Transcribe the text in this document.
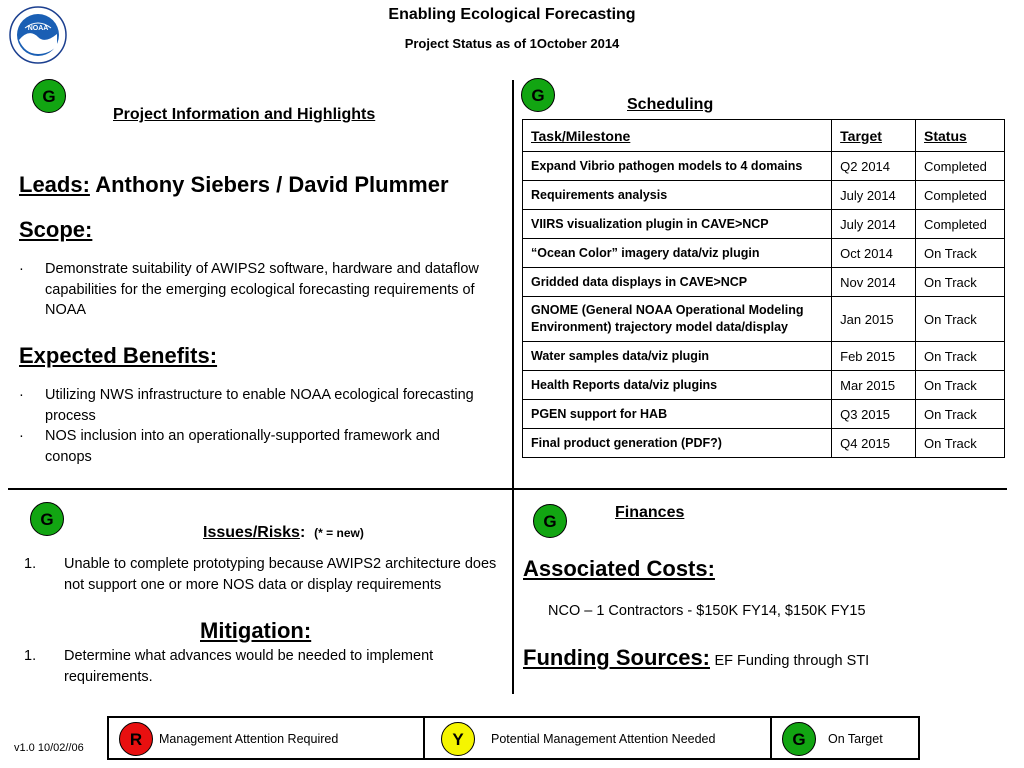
NOAA
Enabling Ecological Forecasting
Project Status as of 1October 2014
G
Project Information and Highlights
Leads: Anthony Siebers / David Plummer
Scope:
·	Demonstrate suitability of AWIPS2 software, hardware and dataflow capabilities for the emerging ecological forecasting requirements of NOAA
Expected Benefits:
·	Utilizing NWS infrastructure to enable NOAA ecological forecasting process
·	NOS inclusion into an operationally-supported framework and conops
G	Scheduling
Task/Milestone	Target	Status
Expand Vibrio pathogen models to 4 domains	Q2 2014	Completed
Requirements analysis	July 2014	Completed
VIIRS visualization plugin in CAVE>NCP	July 2014	Completed
“Ocean Color” imagery data/viz plugin	Oct 2014	On Track
Gridded data displays in CAVE>NCP	Nov 2014	On Track
GNOME (General NOAA Operational Modeling Environment) trajectory model data/display	Jan 2015	On Track
Water samples data/viz plugin	Feb 2015	On Track
Health Reports data/viz plugins	Mar 2015	On Track
PGEN support for HAB	Q3 2015	On Track
Final product generation (PDF?)	Q4 2015	On Track
G
Issues/Risks: (* = new)
1.	Unable to complete prototyping because AWIPS2 architecture does not support one or more NOS data or display requirements
Mitigation:
1.	Determine what advances would be needed to implement requirements.
G	Finances
Associated Costs:
NCO – 1 Contractors - $150K FY14, $150K FY15
Funding Sources: EF Funding through STI
R	Management Attention Required	Y	Potential Management Attention Needed	G	On Target
v1.0 10/02//06
